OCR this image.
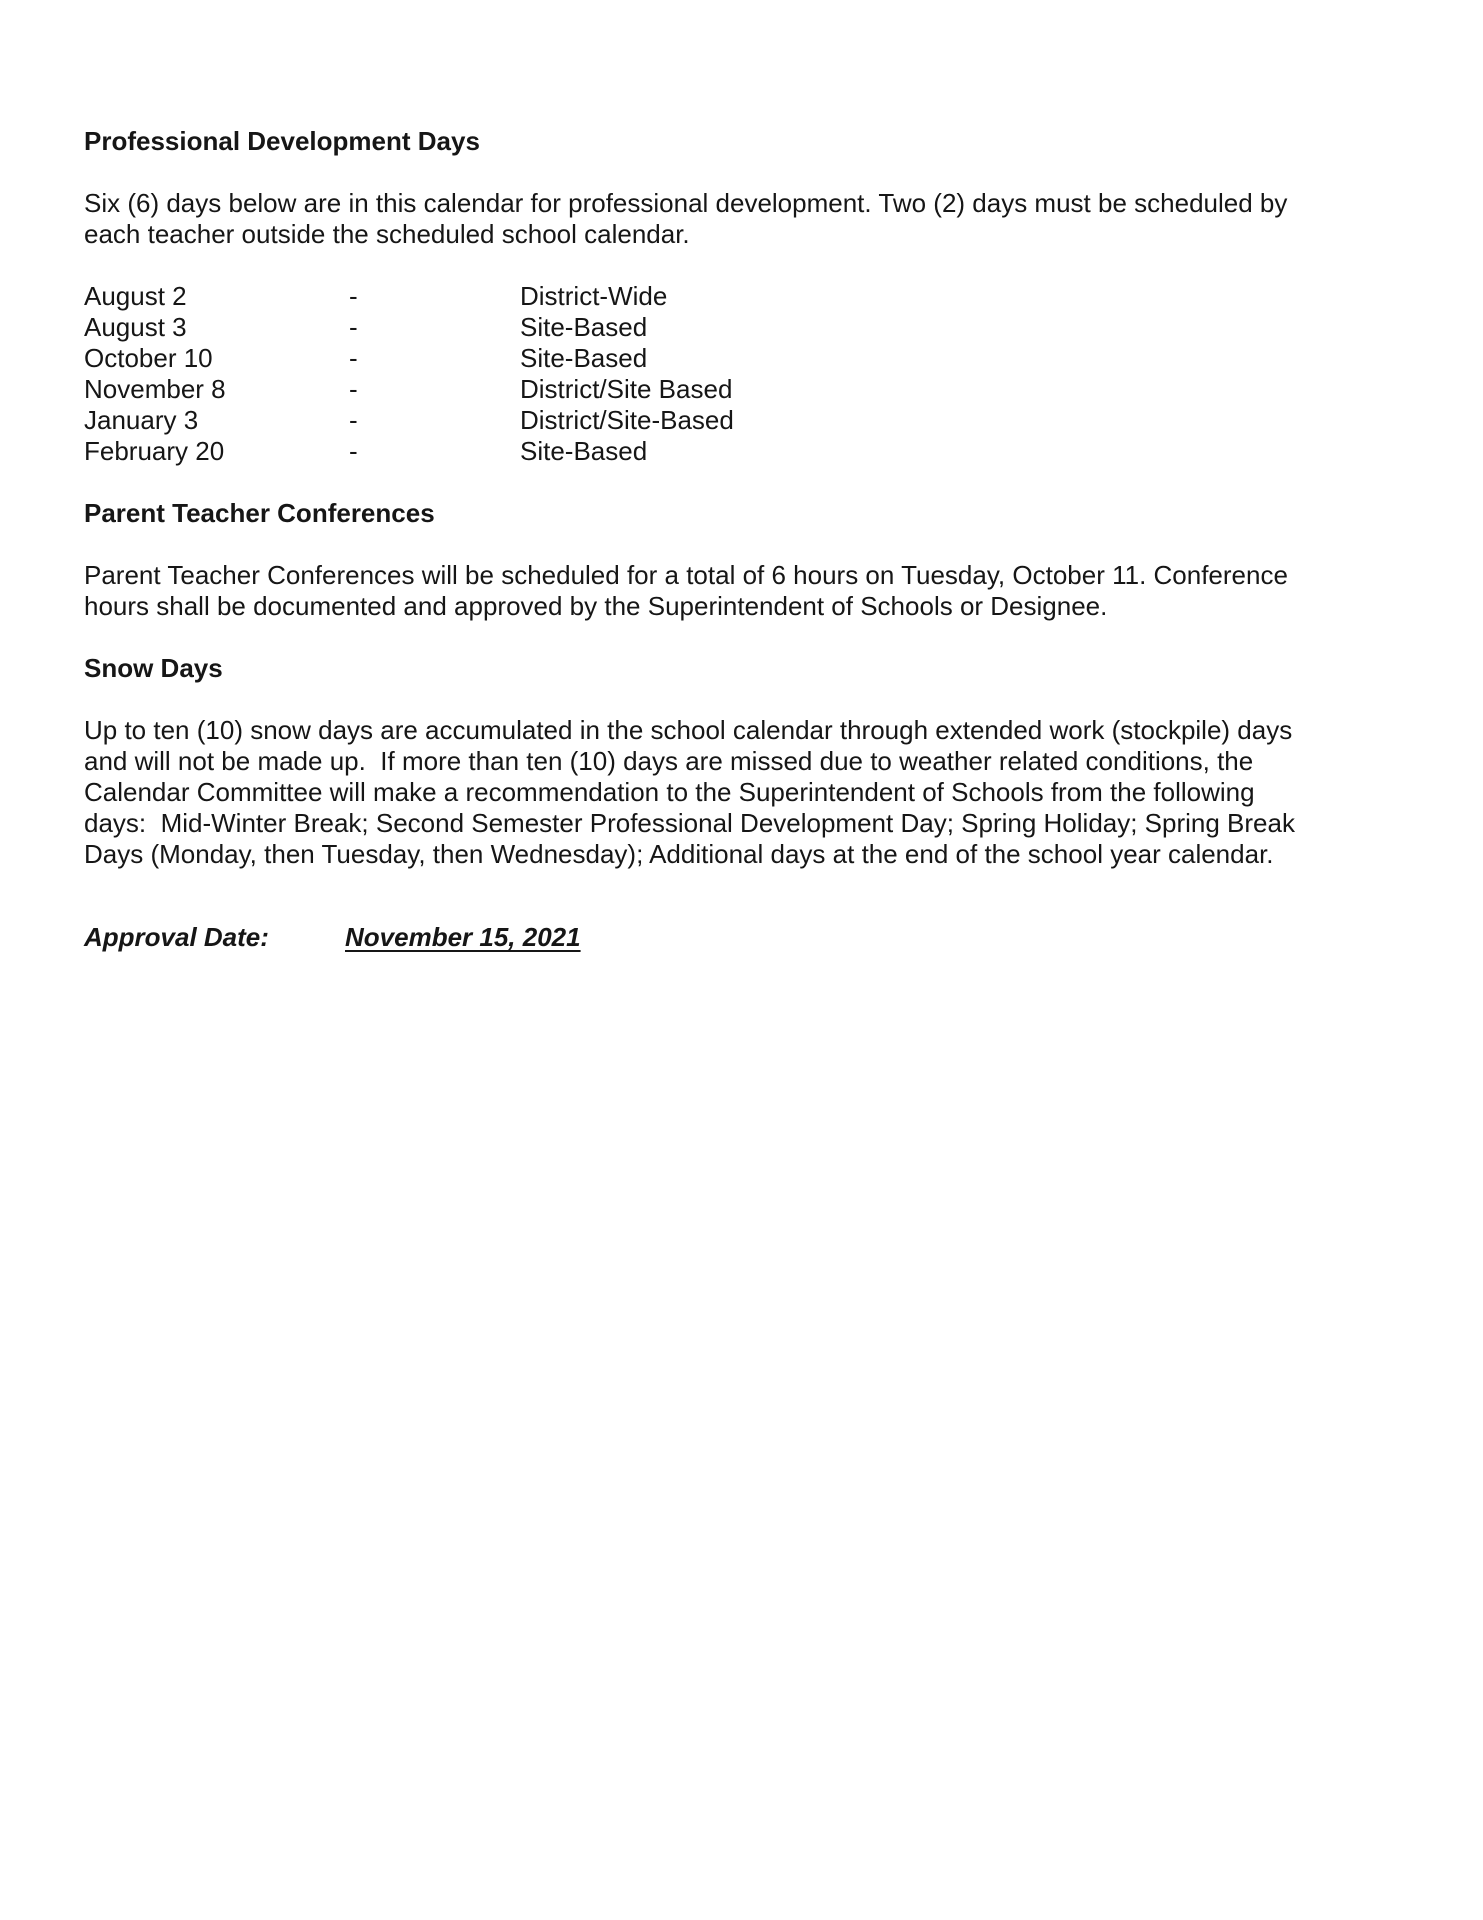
Professional Development Days
Six (6) days below are in this calendar for professional development. Two (2) days must be scheduled by each teacher outside the scheduled school calendar.
August 2	-	District-Wide
August 3	-	Site-Based
October 10	-	Site-Based
November 8	-	District/Site Based
January 3	-	District/Site-Based
February 20	-	Site-Based
Parent Teacher Conferences
Parent Teacher Conferences will be scheduled for a total of 6 hours on Tuesday, October 11. Conference hours shall be documented and approved by the Superintendent of Schools or Designee.
Snow Days
Up to ten (10) snow days are accumulated in the school calendar through extended work (stockpile) days and will not be made up.  If more than ten (10) days are missed due to weather related conditions, the Calendar Committee will make a recommendation to the Superintendent of Schools from the following days:  Mid-Winter Break; Second Semester Professional Development Day; Spring Holiday; Spring Break Days (Monday, then Tuesday, then Wednesday); Additional days at the end of the school year calendar.
Approval Date:	November 15, 2021
